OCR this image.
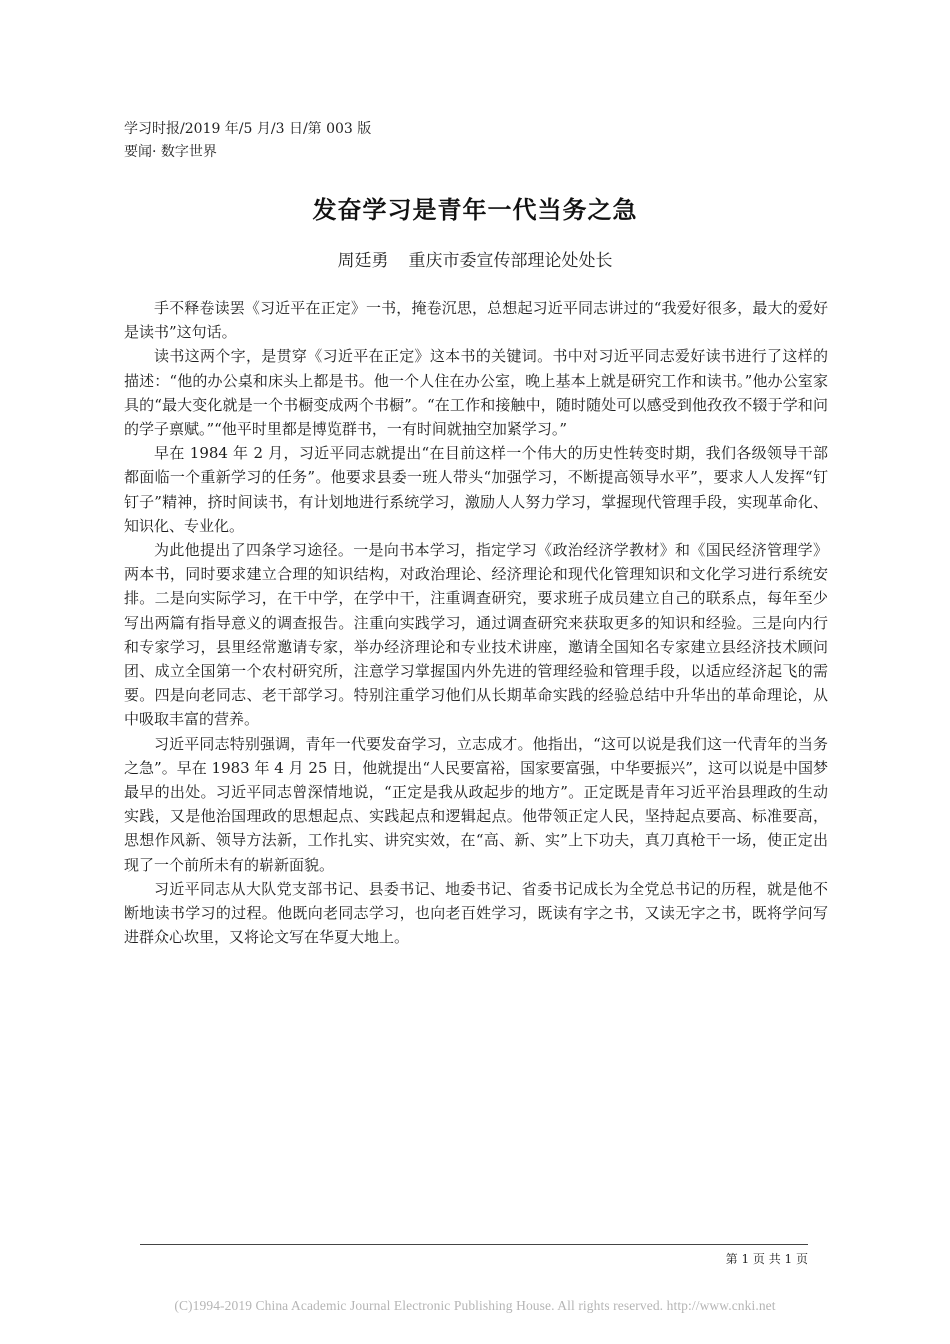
学习时报/2019 年/5 月/3 日/第 003 版
要闻· 数字世界
发奋学习是青年一代当务之急
周廷勇 重庆市委宣传部理论处处长

手不释卷读罢《习近平在正定》一书，掩卷沉思，总想起习近平同志讲过的“我爱好很多，最大的爱好是读书”这句话。

读书这两个字，是贯穿《习近平在正定》这本书的关键词。书中对习近平同志爱好读书进行了这样的描述：“他的办公桌和床头上都是书。他一个人住在办公室，晚上基本上就是研究工作和读书。”他办公室家具的“最大变化就是一个书橱变成两个书橱”。“在工作和接触中，随时随处可以感受到他孜孜不辍于学和问的学子禀赋。”“他平时里都是博览群书，一有时间就抽空加紧学习。”

早在 1984 年 2 月，习近平同志就提出“在目前这样一个伟大的历史性转变时期，我们各级领导干部都面临一个重新学习的任务”。他要求县委一班人带头“加强学习，不断提高领导水平”，要求人人发挥“钉钉子”精神，挤时间读书，有计划地进行系统学习，激励人人努力学习，掌握现代管理手段，实现革命化、知识化、专业化。

为此他提出了四条学习途径。一是向书本学习，指定学习《政治经济学教材》和《国民经济管理学》两本书，同时要求建立合理的知识结构，对政治理论、经济理论和现代化管理知识和文化学习进行系统安排。二是向实际学习，在干中学，在学中干，注重调查研究，要求班子成员建立自己的联系点，每年至少写出两篇有指导意义的调查报告。注重向实践学习，通过调查研究来获取更多的知识和经验。三是向内行和专家学习，县里经常邀请专家，举办经济理论和专业技术讲座，邀请全国知名专家建立县经济技术顾问团、成立全国第一个农村研究所，注意学习掌握国内外先进的管理经验和管理手段，以适应经济起飞的需要。四是向老同志、老干部学习。特别注重学习他们从长期革命实践的经验总结中升华出的革命理论，从中吸取丰富的营养。

习近平同志特别强调，青年一代要发奋学习，立志成才。他指出，“这可以说是我们这一代青年的当务之急”。早在 1983 年 4 月 25 日，他就提出“人民要富裕，国家要富强，中华要振兴”，这可以说是中国梦最早的出处。习近平同志曾深情地说，“正定是我从政起步的地方”。正定既是青年习近平治县理政的生动实践，又是他治国理政的思想起点、实践起点和逻辑起点。他带领正定人民，坚持起点要高、标准要高，思想作风新、领导方法新，工作扎实、讲究实效，在“高、新、实”上下功夫，真刀真枪干一场，使正定出现了一个前所未有的崭新面貌。

习近平同志从大队党支部书记、县委书记、地委书记、省委书记成长为全党总书记的历程，就是他不断地读书学习的过程。他既向老同志学习，也向老百姓学习，既读有字之书，又读无字之书，既将学问写进群众心坎里，又将论文写在华夏大地上。

第 1 页 共 1 页
(C)1994-2019 China Academic Journal Electronic Publishing House. All rights reserved. http://www.cnki.net
